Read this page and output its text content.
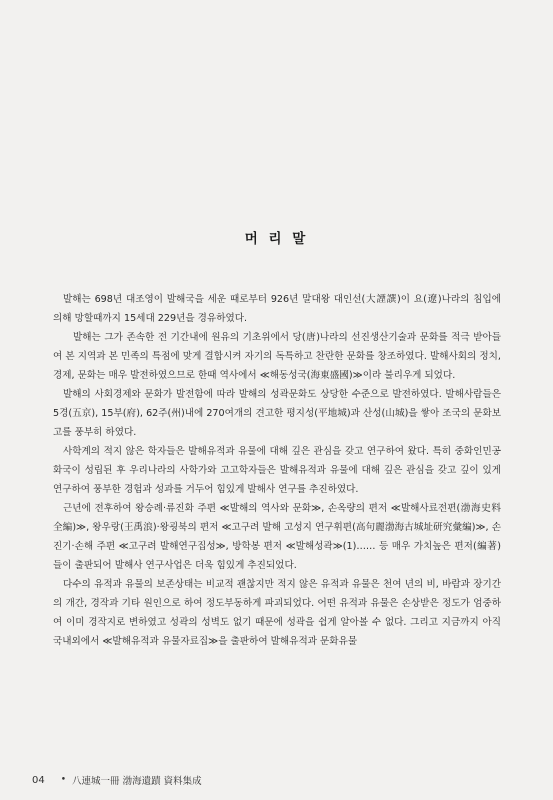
머 리 말

발해는 698년 대조영이 발해국을 세운 때로부터 926년 말대왕 대인선(大諲譔)이 요(遼)나라의 침입에 의해 망할때까지 15세대 229년을 경유하였다.

발해는 그가 존속한 전 기간내에 원유의 기초위에서 당(唐)나라의 선진생산기술과 문화를 적극 받아들여 본 지역과 본 민족의 특점에 맞게 결합시켜 자기의 독특하고 찬란한 문화를 창조하였다. 발해사회의 정치, 경제, 문화는 매우 발전하였으므로 한때 역사에서 ≪해동성국(海東盛國)≫이라 불리우게 되었다.

발해의 사회경제와 문화가 발전함에 따라 발해의 성곽문화도 상당한 수준으로 발전하였다. 발해사람들은 5경(五京), 15부(府), 62주(州)내에 270여개의 견고한 평지성(平地城)과 산성(山城)을 쌓아 조국의 문화보고를 풍부히 하였다.

사학계의 적지 않은 학자들은 발해유적과 유물에 대해 깊은 관심을 갖고 연구하여 왔다. 특히 중화인민공화국이 성립된 후 우리나라의 사학가와 고고학자들은 발해유적과 유물에 대해 깊은 관심을 갖고 깊이 있게 연구하여 풍부한 경험과 성과를 거두어 힘있게 발해사 연구를 추진하였다.

근년에 전후하여 왕승례·류진화 주편 ≪발해의 역사와 문화≫, 손옥량의 편저 ≪발해사료전편(渤海史料全編)≫, 왕우랑(王禹浪)·왕굉북의 편저 ≪고구려 발해 고성지 연구휘편(高句麗渤海古城址研究彙編)≫, 손진기·손해 주편 ≪고구려 발해연구집성≫, 방학봉 편저 ≪발해성곽≫(1)…… 등 매우 가치높은 편저(編著)들이 출판되어 발해사 연구사업은 더욱 힘있게 추진되었다.

다수의 유적과 유물의 보존상태는 비교적 괜찮지만 적지 않은 유적과 유물은 천여 년의 비, 바람과 장기간의 개간, 경작과 기타 원인으로 하여 정도부동하게 파괴되었다. 어떤 유적과 유물은 손상받은 정도가 엄중하여 이미 경작지로 변하였고 성곽의 성벽도 없기 때문에 성곽을 쉽게 알아볼 수 없다. 그리고 지금까지 아직 국내외에서 ≪발해유적과 유물자료집≫을 출판하여 발해유적과 문화유물

04 • 八連城一冊 渤海遺蹟 資料集成
